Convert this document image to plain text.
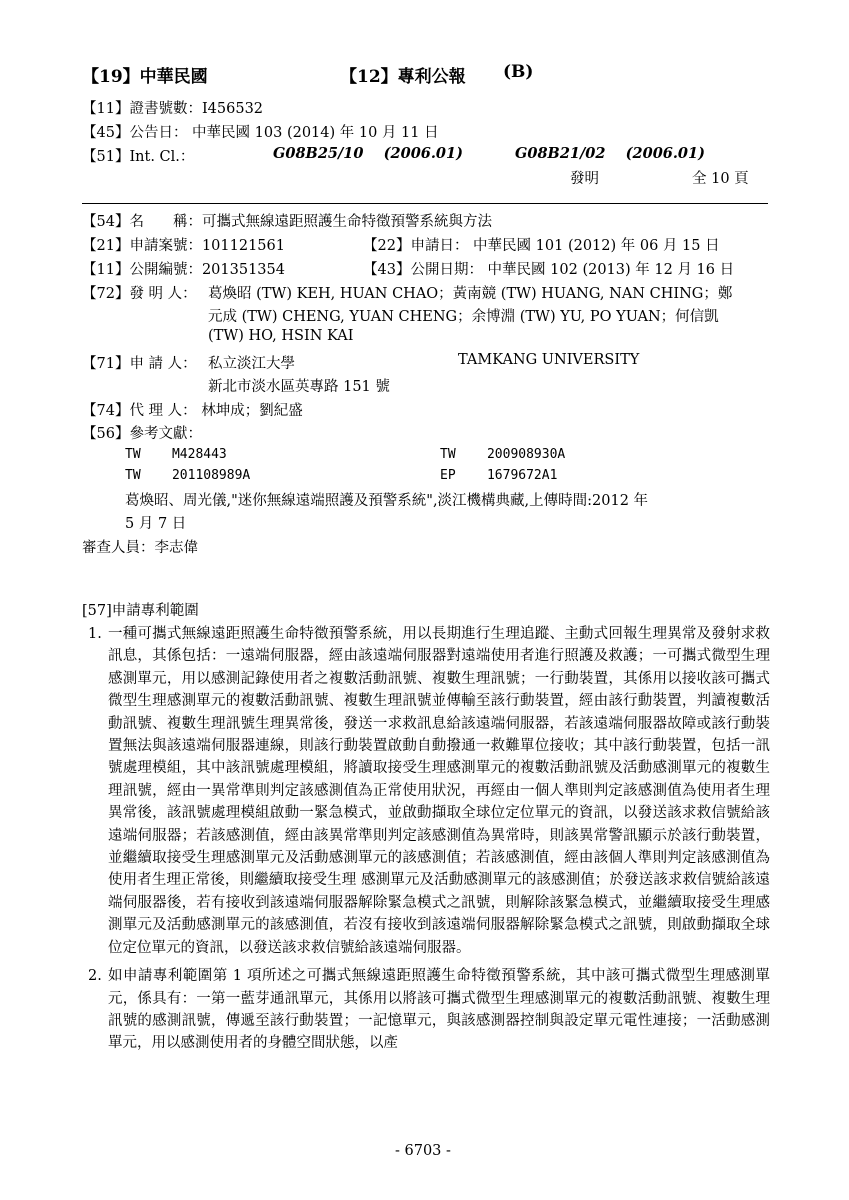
【19】中華民國	【12】專利公報 (B)
【11】證書號數：I456532
【45】公告日： 中華民國 103 (2014) 年 10 月 11 日
【51】Int. Cl.：	G08B25/10    (2006.01)	G08B21/02    (2006.01)
發明	全 10 頁
【54】名　　稱：可攜式無線遠距照護生命特徵預警系統與方法
【21】申請案號：101121561	【22】申請日： 中華民國 101 (2012) 年 06 月 15 日
【11】公開編號：201351354	【43】公開日期： 中華民國 102 (2013) 年 12 月 16 日
【72】發 明 人： 葛煥昭 (TW) KEH, HUAN CHAO；黃南競 (TW) HUANG, NAN CHING；鄭
元成 (TW) CHENG, YUAN CHENG；余博淵 (TW) YU, PO YUAN；何信凱
(TW) HO, HSIN KAI
【71】申 請 人： 私立淡江大學	TAMKANG UNIVERSITY
新北市淡水區英專路 151 號
【74】代 理 人： 林坤成；劉紀盛
【56】參考文獻：
TW    M428443	TW    200908930A
TW    201108989A	EP    1679672A1
葛煥昭、周光儀,"迷你無線遠端照護及預警系統",淡江機構典藏,上傳時間:2012 年
5 月 7 日
審查人員：李志偉
[57]申請專利範圍
1. 一種可攜式無線遠距照護生命特徵預警系統，用以長期進行生理追蹤、主動式回報生理異常及發射求救訊息，其係包括：一遠端伺服器，經由該遠端伺服器對遠端使用者進行照護及救護；一可攜式微型生理感測單元，用以感測記錄使用者之複數活動訊號、複數生理訊號；一行動裝置，其係用以接收該可攜式微型生理感測單元的複數活動訊號、複數生理訊號並傳輸至該行動裝置，經由該行動裝置，判讀複數活動訊號、複數生理訊號生理異常後，發送一求救訊息給該遠端伺服器，若該遠端伺服器故障或該行動裝置無法與該遠端伺服器連線，則該行動裝置啟動自動撥通一救難單位接收；其中該行動裝置，包括一訊號處理模組，其中該訊號處理模組，將讀取接受生理感測單元的複數活動訊號及活動感測單元的複數生理訊號，經由一異常準則判定該感測值為正常使用狀況，再經由一個人準則判定該感測值為使用者生理異常後，該訊號處理模組啟動一緊急模式，並啟動擷取全球位定位單元的資訊，以發送該求救信號給該遠端伺服器；若該感測值，經由該異常準則判定該感測值為異常時，則該異常警訊顯示於該行動裝置，並繼續取接受生理感測單元及活動感測單元的該感測值；若該感測值，經由該個人準則判定該感測值為使用者生理正常後，則繼續取接受生理 感測單元及活動感測單元的該感測值；於發送該求救信號給該遠端伺服器後，若有接收到該遠端伺服器解除緊急模式之訊號，則解除該緊急模式，並繼續取接受生理感測單元及活動感測單元的該感測值，若沒有接收到該遠端伺服器解除緊急模式之訊號，則啟動擷取全球位定位單元的資訊，以發送該求救信號給該遠端伺服器。
2. 如申請專利範圍第 1 項所述之可攜式無線遠距照護生命特徵預警系統，其中該可攜式微型生理感測單元，係具有：一第一藍芽通訊單元，其係用以將該可攜式微型生理感測單元的複數活動訊號、複數生理訊號的感測訊號，傳遞至該行動裝置；一記憶單元，與該感測器控制與設定單元電性連接；一活動感測單元，用以感測使用者的身體空間狀態，以產
- 6703 -
